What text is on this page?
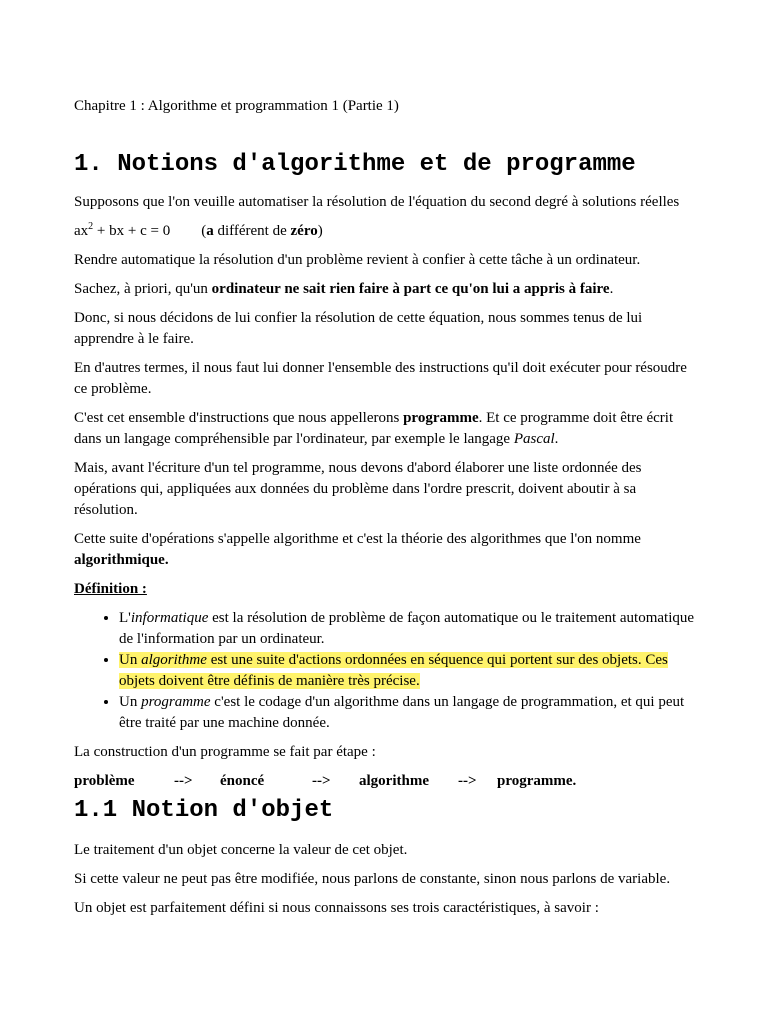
Chapitre 1 : Algorithme et programmation 1 (Partie 1)
1. Notions d'algorithme et de programme

Supposons que l'on veuille automatiser la résolution de l'équation du second degré à solutions réelles

$ax^2$ + bx + c = 0 (a différent de zéro)

Rendre automatique la résolution d'un problème revient à confier à cette tâche à un ordinateur.

Sachez, à priori, qu'un ordinateur ne sait rien faire à part ce qu'on lui a appris à faire.

Donc, si nous décidons de lui confier la résolution de cette équation, nous sommes tenus de lui apprendre à le faire.

En d'autres termes, il nous faut lui donner l'ensemble des instructions qu'il doit exécuter pour résoudre ce problème.

C'est cet ensemble d'instructions que nous appellerons programme. Et ce programme doit être écrit dans un langage compréhensible par l'ordinateur, par exemple le langage Pascal.

Mais, avant l'écriture d'un tel programme, nous devons d'abord élaborer une liste ordonnée des opérations qui, appliquées aux données du problème dans l'ordre prescrit, doivent aboutir à sa résolution.

Cette suite d'opérations s'appelle algorithme et c'est la théorie des algorithmes que l'on nomme algorithmique.

Définition :

• L'informatique est la résolution de problème de façon automatique ou le traitement automatique de l'information par un ordinateur.
• Un algorithme est une suite d'actions ordonnées en séquence qui portent sur des objets. Ces objets doivent être définis de manière très précise.
• Un programme c'est le codage d'un algorithme dans un langage de programmation, et qui peut être traité par une machine donnée.

La construction d'un programme se fait par étape :

problème	-->	énoncé	-->	algorithme	-->	programme.
1.1 Notion d'objet

Le traitement d'un objet concerne la valeur de cet objet.

Si cette valeur ne peut pas être modifiée, nous parlons de constante, sinon nous parlons de variable.

Un objet est parfaitement défini si nous connaissons ses trois caractéristiques, à savoir :
